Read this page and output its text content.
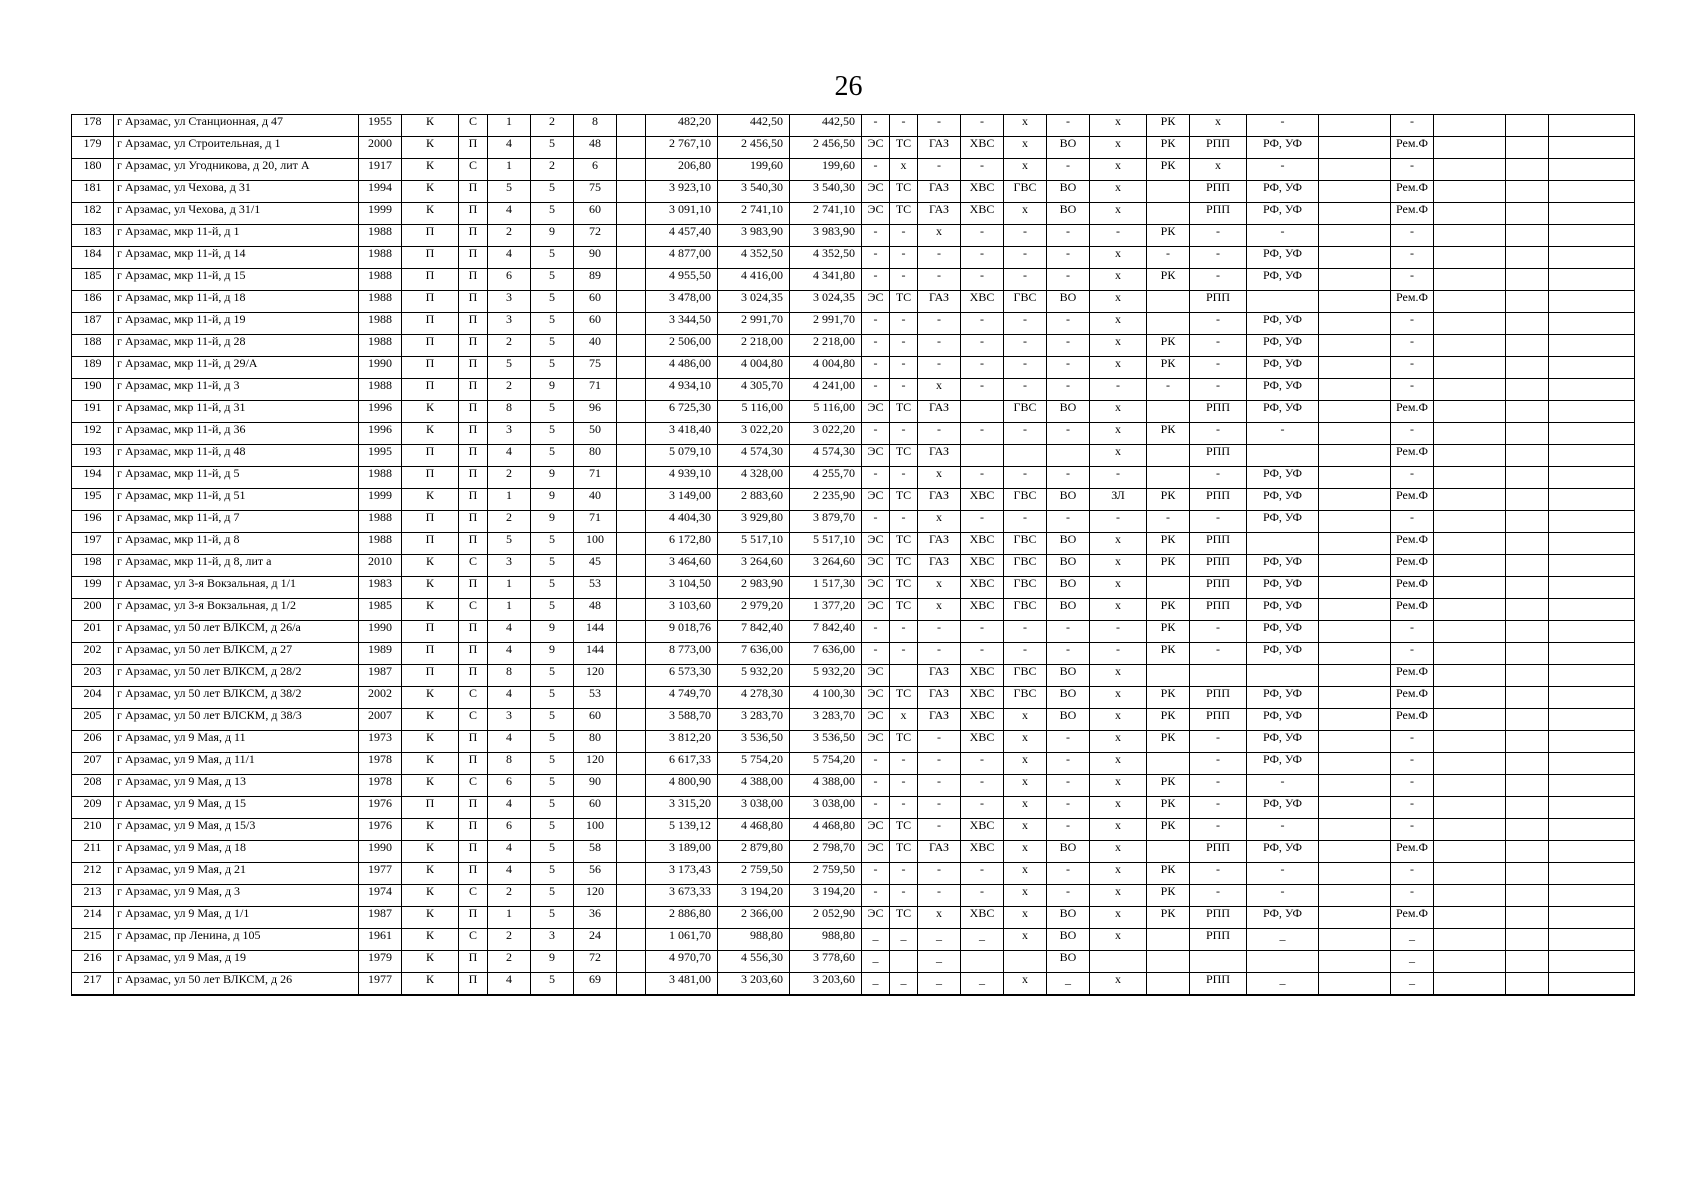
26
178	г Арзамас, ул Станционная, д 47	1955	К	С	1	2	8		482,20	442,50	442,50	-	-	-	-	х	-	х	РК	х	-		-			
179	г Арзамас, ул Строительная, д 1	2000	К	П	4	5	48		2 767,10	2 456,50	2 456,50	ЭС	ТС	ГАЗ	ХВС	х	ВО	х	РК	РПП	РФ, УФ		Рем.Ф			
180	г Арзамас, ул Угодникова, д 20, лит А	1917	К	С	1	2	6		206,80	199,60	199,60	-	х	-	-	х	-	х	РК	х	-		-			
181	г Арзамас, ул Чехова, д 31	1994	К	П	5	5	75		3 923,10	3 540,30	3 540,30	ЭС	ТС	ГАЗ	ХВС	ГВС	ВО	х		РПП	РФ, УФ		Рем.Ф			
182	г Арзамас, ул Чехова, д 31/1	1999	К	П	4	5	60		3 091,10	2 741,10	2 741,10	ЭС	ТС	ГАЗ	ХВС	х	ВО	х		РПП	РФ, УФ		Рем.Ф			
183	г Арзамас, мкр 11-й, д 1	1988	П	П	2	9	72		4 457,40	3 983,90	3 983,90	-	-	х	-	-	-	-	РК	-	-		-			
184	г Арзамас, мкр 11-й, д 14	1988	П	П	4	5	90		4 877,00	4 352,50	4 352,50	-	-	-	-	-	-	х	-	-	РФ, УФ		-			
185	г Арзамас, мкр 11-й, д 15	1988	П	П	6	5	89		4 955,50	4 416,00	4 341,80	-	-	-	-	-	-	х	РК	-	РФ, УФ		-			
186	г Арзамас, мкр 11-й, д 18	1988	П	П	3	5	60		3 478,00	3 024,35	3 024,35	ЭС	ТС	ГАЗ	ХВС	ГВС	ВО	х		РПП			Рем.Ф			
187	г Арзамас, мкр 11-й, д 19	1988	П	П	3	5	60		3 344,50	2 991,70	2 991,70	-	-	-	-	-	-	х		-	РФ, УФ		-			
188	г Арзамас, мкр 11-й, д 28	1988	П	П	2	5	40		2 506,00	2 218,00	2 218,00	-	-	-	-	-	-	х	РК	-	РФ, УФ		-			
189	г Арзамас, мкр 11-й, д 29/А	1990	П	П	5	5	75		4 486,00	4 004,80	4 004,80	-	-	-	-	-	-	х	РК	-	РФ, УФ		-			
190	г Арзамас, мкр 11-й, д 3	1988	П	П	2	9	71		4 934,10	4 305,70	4 241,00	-	-	х	-	-	-	-	-	-	РФ, УФ		-			
191	г Арзамас, мкр 11-й, д 31	1996	К	П	8	5	96		6 725,30	5 116,00	5 116,00	ЭС	ТС	ГАЗ		ГВС	ВО	х		РПП	РФ, УФ		Рем.Ф			
192	г Арзамас, мкр 11-й, д 36	1996	К	П	3	5	50		3 418,40	3 022,20	3 022,20	-	-	-	-	-	-	х	РК	-	-		-			
193	г Арзамас, мкр 11-й, д 48	1995	П	П	4	5	80		5 079,10	4 574,30	4 574,30	ЭС	ТС	ГАЗ				х		РПП			Рем.Ф			
194	г Арзамас, мкр 11-й, д 5	1988	П	П	2	9	71		4 939,10	4 328,00	4 255,70	-	-	х	-	-	-	-		-	РФ, УФ		-			
195	г Арзамас, мкр 11-й, д 51	1999	К	П	1	9	40		3 149,00	2 883,60	2 235,90	ЭС	ТС	ГАЗ	ХВС	ГВС	ВО	ЗЛ	РК	РПП	РФ, УФ		Рем.Ф			
196	г Арзамас, мкр 11-й, д 7	1988	П	П	2	9	71		4 404,30	3 929,80	3 879,70	-	-	х	-	-	-	-	-	-	РФ, УФ		-			
197	г Арзамас, мкр 11-й, д 8	1988	П	П	5	5	100		6 172,80	5 517,10	5 517,10	ЭС	ТС	ГАЗ	ХВС	ГВС	ВО	х	РК	РПП			Рем.Ф			
198	г Арзамас, мкр 11-й, д 8, лит а	2010	К	С	3	5	45		3 464,60	3 264,60	3 264,60	ЭС	ТС	ГАЗ	ХВС	ГВС	ВО	х	РК	РПП	РФ, УФ		Рем.Ф			
199	г Арзамас, ул 3-я Вокзальная, д 1/1	1983	К	П	1	5	53		3 104,50	2 983,90	1 517,30	ЭС	ТС	х	ХВС	ГВС	ВО	х		РПП	РФ, УФ		Рем.Ф			
200	г Арзамас, ул 3-я Вокзальная, д 1/2	1985	К	С	1	5	48		3 103,60	2 979,20	1 377,20	ЭС	ТС	х	ХВС	ГВС	ВО	х	РК	РПП	РФ, УФ		Рем.Ф			
201	г Арзамас, ул 50 лет ВЛКСМ, д 26/а	1990	П	П	4	9	144		9 018,76	7 842,40	7 842,40	-	-	-	-	-	-	-	РК	-	РФ, УФ		-			
202	г Арзамас, ул 50 лет ВЛКСМ, д 27	1989	П	П	4	9	144		8 773,00	7 636,00	7 636,00	-	-	-	-	-	-	-	РК	-	РФ, УФ		-			
203	г Арзамас, ул 50 лет ВЛКСМ, д 28/2	1987	П	П	8	5	120		6 573,30	5 932,20	5 932,20	ЭС		ГАЗ	ХВС	ГВС	ВО	х					Рем.Ф			
204	г Арзамас, ул 50 лет ВЛКСМ, д 38/2	2002	К	С	4	5	53		4 749,70	4 278,30	4 100,30	ЭС	ТС	ГАЗ	ХВС	ГВС	ВО	х	РК	РПП	РФ, УФ		Рем.Ф			
205	г Арзамас, ул 50 лет ВЛСКМ, д 38/3	2007	К	С	3	5	60		3 588,70	3 283,70	3 283,70	ЭС	х	ГАЗ	ХВС	х	ВО	х	РК	РПП	РФ, УФ		Рем.Ф			
206	г Арзамас, ул 9 Мая, д 11	1973	К	П	4	5	80		3 812,20	3 536,50	3 536,50	ЭС	ТС	-	ХВС	х	-	х	РК	-	РФ, УФ		-			
207	г Арзамас, ул 9 Мая, д 11/1	1978	К	П	8	5	120		6 617,33	5 754,20	5 754,20	-	-	-	-	х	-	х		-	РФ, УФ		-			
208	г Арзамас, ул 9 Мая, д 13	1978	К	С	6	5	90		4 800,90	4 388,00	4 388,00	-	-	-	-	х	-	х	РК	-	-		-			
209	г Арзамас, ул 9 Мая, д 15	1976	П	П	4	5	60		3 315,20	3 038,00	3 038,00	-	-	-	-	х	-	х	РК	-	РФ, УФ		-			
210	г Арзамас, ул 9 Мая, д 15/3	1976	К	П	6	5	100		5 139,12	4 468,80	4 468,80	ЭС	ТС	-	ХВС	х	-	х	РК	-	-		-			
211	г Арзамас, ул 9 Мая, д 18	1990	К	П	4	5	58		3 189,00	2 879,80	2 798,70	ЭС	ТС	ГАЗ	ХВС	х	ВО	х		РПП	РФ, УФ		Рем.Ф			
212	г Арзамас, ул 9 Мая, д 21	1977	К	П	4	5	56		3 173,43	2 759,50	2 759,50	-	-	-	-	х	-	х	РК	-	-		-			
213	г Арзамас, ул 9 Мая, д 3	1974	К	С	2	5	120		3 673,33	3 194,20	3 194,20	-	-	-	-	х	-	х	РК	-	-		-			
214	г Арзамас, ул 9 Мая, д 1/1	1987	К	П	1	5	36		2 886,80	2 366,00	2 052,90	ЭС	ТС	х	ХВС	х	ВО	х	РК	РПП	РФ, УФ		Рем.Ф			
215	г Арзамас, пр Ленина, д 105	1961	К	С	2	3	24		1 061,70	988,80	988,80	_	_	_	_	х	ВО	х		РПП	_		_			
216	г Арзамас, ул 9 Мая, д 19	1979	К	П	2	9	72		4 970,70	4 556,30	3 778,60	_		_			ВО						_			
217	г Арзамас, ул 50 лет ВЛКСМ, д 26	1977	К	П	4	5	69		3 481,00	3 203,60	3 203,60	_	_	_	_	х	_	х		РПП	_		_			
